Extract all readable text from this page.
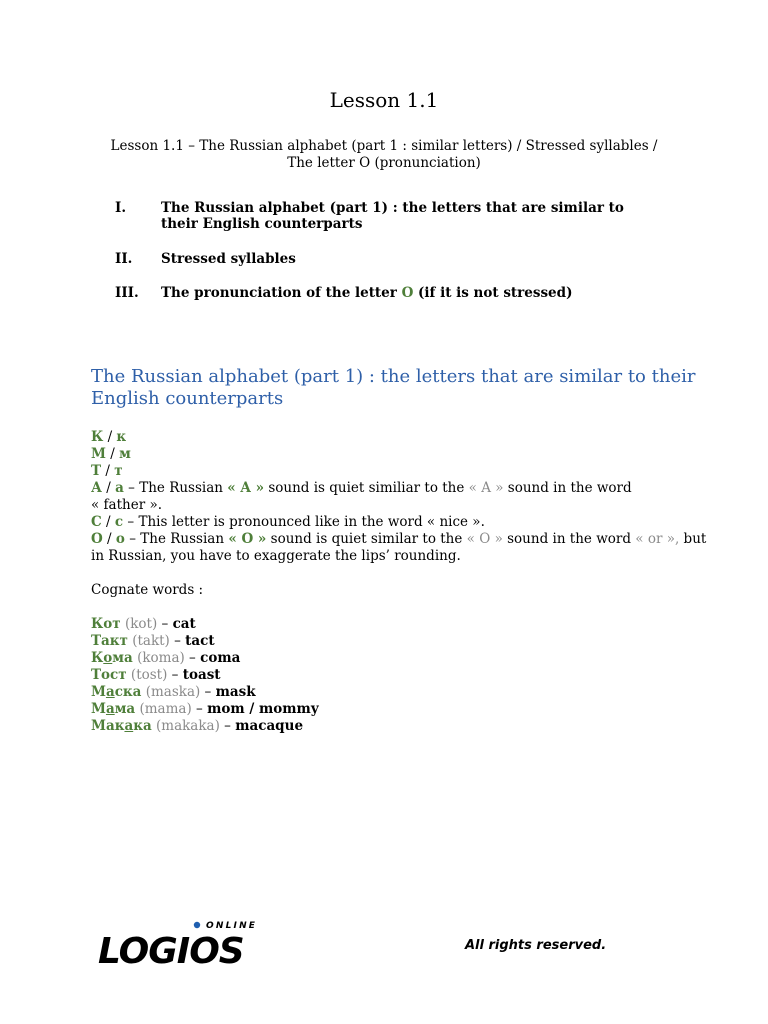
Lesson 1.1
Lesson 1.1 – The Russian alphabet (part 1 : similar letters) / Stressed syllables / The letter O (pronunciation)
I.	The Russian alphabet (part 1) : the letters that are similar to their English counterparts
II. Stressed syllables
III. The pronunciation of the letter O (if it is not stressed)
The Russian alphabet (part 1) : the letters that are similar to their English counterparts
К / к
М / м
Т / т
А / а – The Russian « A » sound is quiet similiar to the « A » sound in the word
« father ».
С / с – This letter is pronounced like in the word « nice ».
О / о – The Russian « O » sound is quiet similar to the « O » sound in the word « or », but in Russian, you have to exaggerate the lips’ rounding.
Cognate words :
Кот (kot) – cat
Такт (takt) – tact
Кома (koma) – coma
Тост (tost) – toast
Маска (maska) – mask
Мама (mama) – mom / mommy
Макака (makaka) – macaque
ONLINE
LOGIOS	All rights reserved.
